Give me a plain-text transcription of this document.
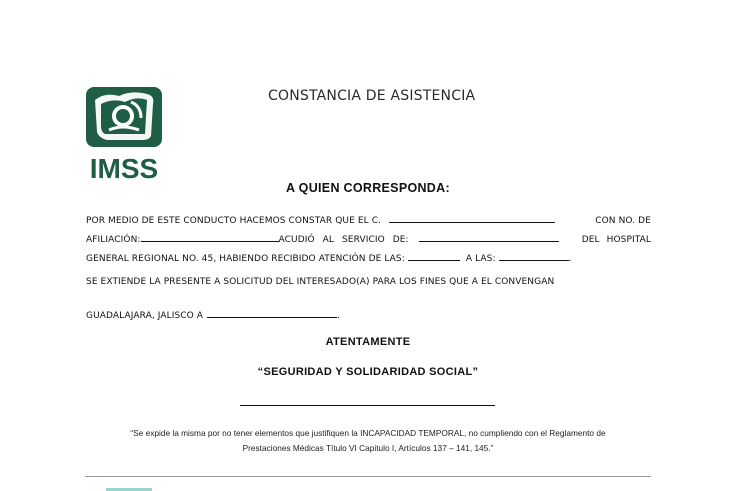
IMSS
CONSTANCIA DE ASISTENCIA
A QUIEN CORRESPONDA:
POR MEDIO DE ESTE CONDUCTO HACEMOS CONSTAR QUE EL C.	CON NO. DE
AFILIACIÓN:	ACUDIÓ AL SERVICIO DE:	DEL HOSPITAL
GENERAL REGIONAL NO. 45, HABIENDO RECIBIDO ATENCIÓN DE LAS:	A LAS:	.
SE EXTIENDE LA PRESENTE A SOLICITUD DEL INTERESADO(A) PARA LOS FINES QUE A EL CONVENGAN
GUADALAJARA, JALISCO A	.
ATENTAMENTE
“SEGURIDAD Y SOLIDARIDAD SOCIAL”
“Se expide la misma por no tener elementos que justifiquen la INCAPACIDAD TEMPORAL, no cumpliendo con el Reglamento de
Prestaciones Médicas Título VI Capitulo I, Artículos 137 – 141, 145.”
